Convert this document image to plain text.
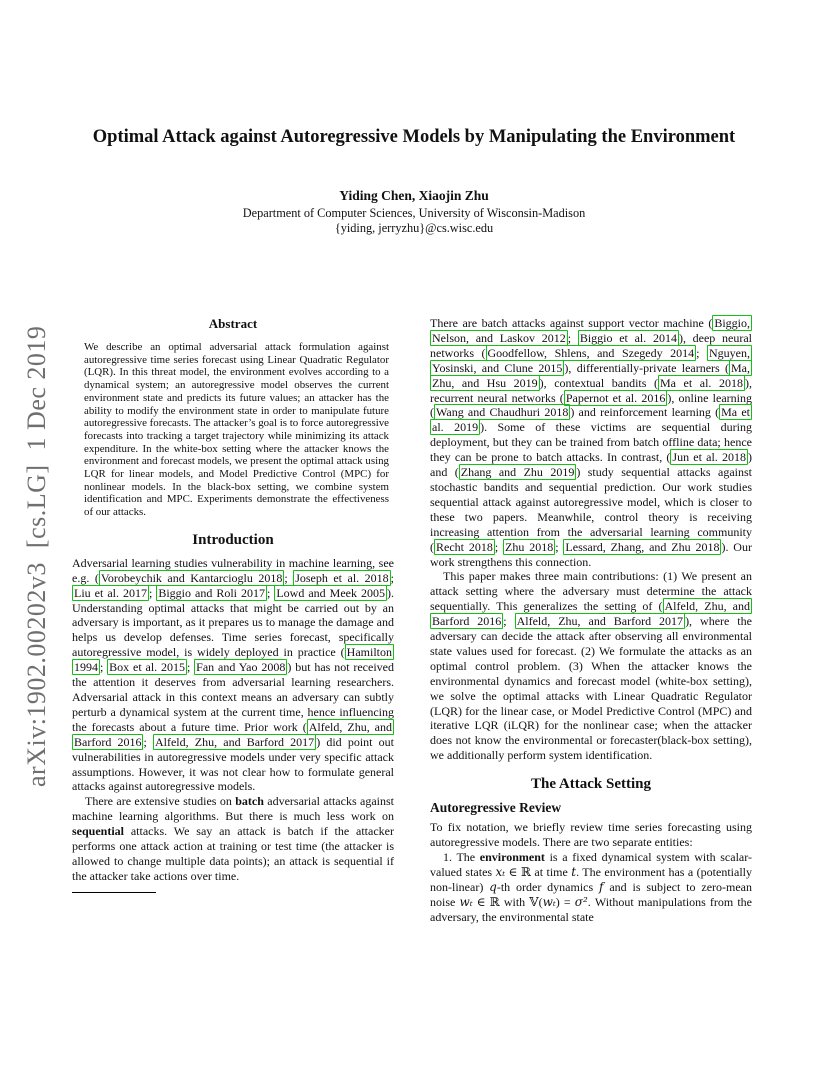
arXiv:1902.00202v3  [cs.LG]  1 Dec 2019
Optimal Attack against Autoregressive Models by Manipulating the Environment
Yiding Chen, Xiaojin Zhu
Department of Computer Sciences, University of Wisconsin-Madison
{yiding, jerryzhu}@cs.wisc.edu
Abstract

We describe an optimal adversarial attack formulation against autoregressive time series forecast using Linear Quadratic Regulator (LQR). In this threat model, the environment evolves according to a dynamical system; an autoregressive model observes the current environment state and predicts its future values; an attacker has the ability to modify the environment state in order to manipulate future autoregressive forecasts. The attacker’s goal is to force autoregressive forecasts into tracking a target trajectory while minimizing its attack expenditure. In the white-box setting where the attacker knows the environment and forecast models, we present the optimal attack using LQR for linear models, and Model Predictive Control (MPC) for nonlinear models. In the black-box setting, we combine system identification and MPC. Experiments demonstrate the effectiveness of our attacks.

Introduction

Adversarial learning studies vulnerability in machine learning, see e.g. ( Vorobeychik and Kantarcioglu 2018 ; Joseph et al. 2018 ; Liu et al. 2017 ; Biggio and Roli 2017 ; Lowd and Meek 2005 ). Understanding optimal attacks that might be carried out by an adversary is important, as it prepares us to manage the damage and helps us develop defenses. Time series forecast, specifically autoregressive model, is widely deployed in practice ( Hamilton 1994 ; Box et al. 2015 ; Fan and Yao 2008 ) but has not received the attention it deserves from adversarial learning researchers. Adversarial attack in this context means an adversary can subtly perturb a dynamical system at the current time, hence influencing the forecasts about a future time. Prior work ( Alfeld, Zhu, and Barford 2016 ; Alfeld, Zhu, and Barford 2017 ) did point out vulnerabilities in autoregressive models under very specific attack assumptions. However, it was not clear how to formulate general attacks against autoregressive models.

There are extensive studies on batch adversarial attacks against machine learning algorithms. But there is much less work on sequential attacks. We say an attack is batch if the attacker performs one attack action at training or test time (the attacker is allowed to change multiple data points); an attack is sequential if the attacker take actions over time.

There are batch attacks against support vector machine ( Biggio, Nelson, and Laskov 2012 ; Biggio et al. 2014 ), deep neural networks ( Goodfellow, Shlens, and Szegedy 2014 ; Nguyen, Yosinski, and Clune 2015 ), differentially-private learners ( Ma, Zhu, and Hsu 2019 ), contextual bandits ( Ma et al. 2018 ), recurrent neural networks ( Papernot et al. 2016 ), online learning ( Wang and Chaudhuri 2018 ) and reinforcement learning ( Ma et al. 2019 ). Some of these victims are sequential during deployment, but they can be trained from batch offline data; hence they can be prone to batch attacks. In contrast, ( Jun et al. 2018 ) and ( Zhang and Zhu 2019 ) study sequential attacks against stochastic bandits and sequential prediction. Our work studies sequential attack against autoregressive model, which is closer to these two papers. Meanwhile, control theory is receiving increasing attention from the adversarial learning community ( Recht 2018 ; Zhu 2018 ; Lessard, Zhang, and Zhu 2018 ). Our work strengthens this connection.

This paper makes three main contributions: (1) We present an attack setting where the adversary must determine the attack sequentially. This generalizes the setting of ( Alfeld, Zhu, and Barford 2016 ; Alfeld, Zhu, and Barford 2017 ), where the adversary can decide the attack after observing all environmental state values used for forecast. (2) We formulate the attacks as an optimal control problem. (3) When the attacker knows the environmental dynamics and forecast model (white-box setting), we solve the optimal attacks with Linear Quadratic Regulator (LQR) for the linear case, or Model Predictive Control (MPC) and iterative LQR (iLQR) for the nonlinear case; when the attacker does not know the environmental or forecaster(black-box setting), we additionally perform system identification.

The Attack Setting
Autoregressive Review

To fix notation, we briefly review time series forecasting using autoregressive models. There are two separate entities:

1. The environment is a fixed dynamical system with scalar-valued states xₜ ∈ ℝ at time t. The environment has a (potentially non-linear) q-th order dynamics f and is subject to zero-mean noise wₜ ∈ ℝ with 𝕍(wₜ) = σ². Without manipulations from the adversary, the environmental state
